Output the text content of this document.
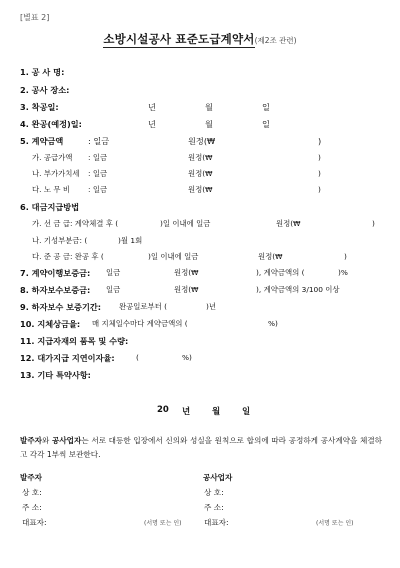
[별표 2]
소방시설공사 표준도급계약서(제2조 관련)
1. 공 사 명:
2. 공사 장소:
3. 착공일:	년	월	일
4. 완공(예정)일:	년	월	일
5. 계약금액	: 일금	원정(₩	)
가. 공급가액 : 일금	원정(₩	)
나. 부가가치세 : 일금	원정(₩	)
다. 노 무 비 : 일금	원정(₩	)
6. 대금지급방법
가. 선 금 급: 계약체결 후 (	)일 이내에 일금	원정(₩	)
나. 기성부분금: (	)월 1회
다. 준 공 금: 완공 후 (	)일 이내에 일금	원정(₩	)
7. 계약이행보증금: 일금	원정(₩	), 계약금액의 (	)%
8. 하자보수보증금: 일금	원정(₩	), 계약금액의 3/100 이상
9. 하자보수 보증기간: 완공일로부터 (	)년
10. 지체상금율: 매 지체일수마다 계약금액의 (	%)
11. 지급자재의 품목 및 수량:
12. 대가지급 지연이자율:	(	%)
13. 기타 특약사항:
20 년	월	일
발주자와 공사업자는 서로 대등한 입장에서 신의와 성실을 원칙으로 합의에 따라 공정하게 공사계약을 체결하고 각각 1부씩 보관한다.
발주자
상 호:
주 소:
대표자:	(서명 또는 인)
공사업자
상 호:
주 소:
대표자:	(서명 또는 인)
